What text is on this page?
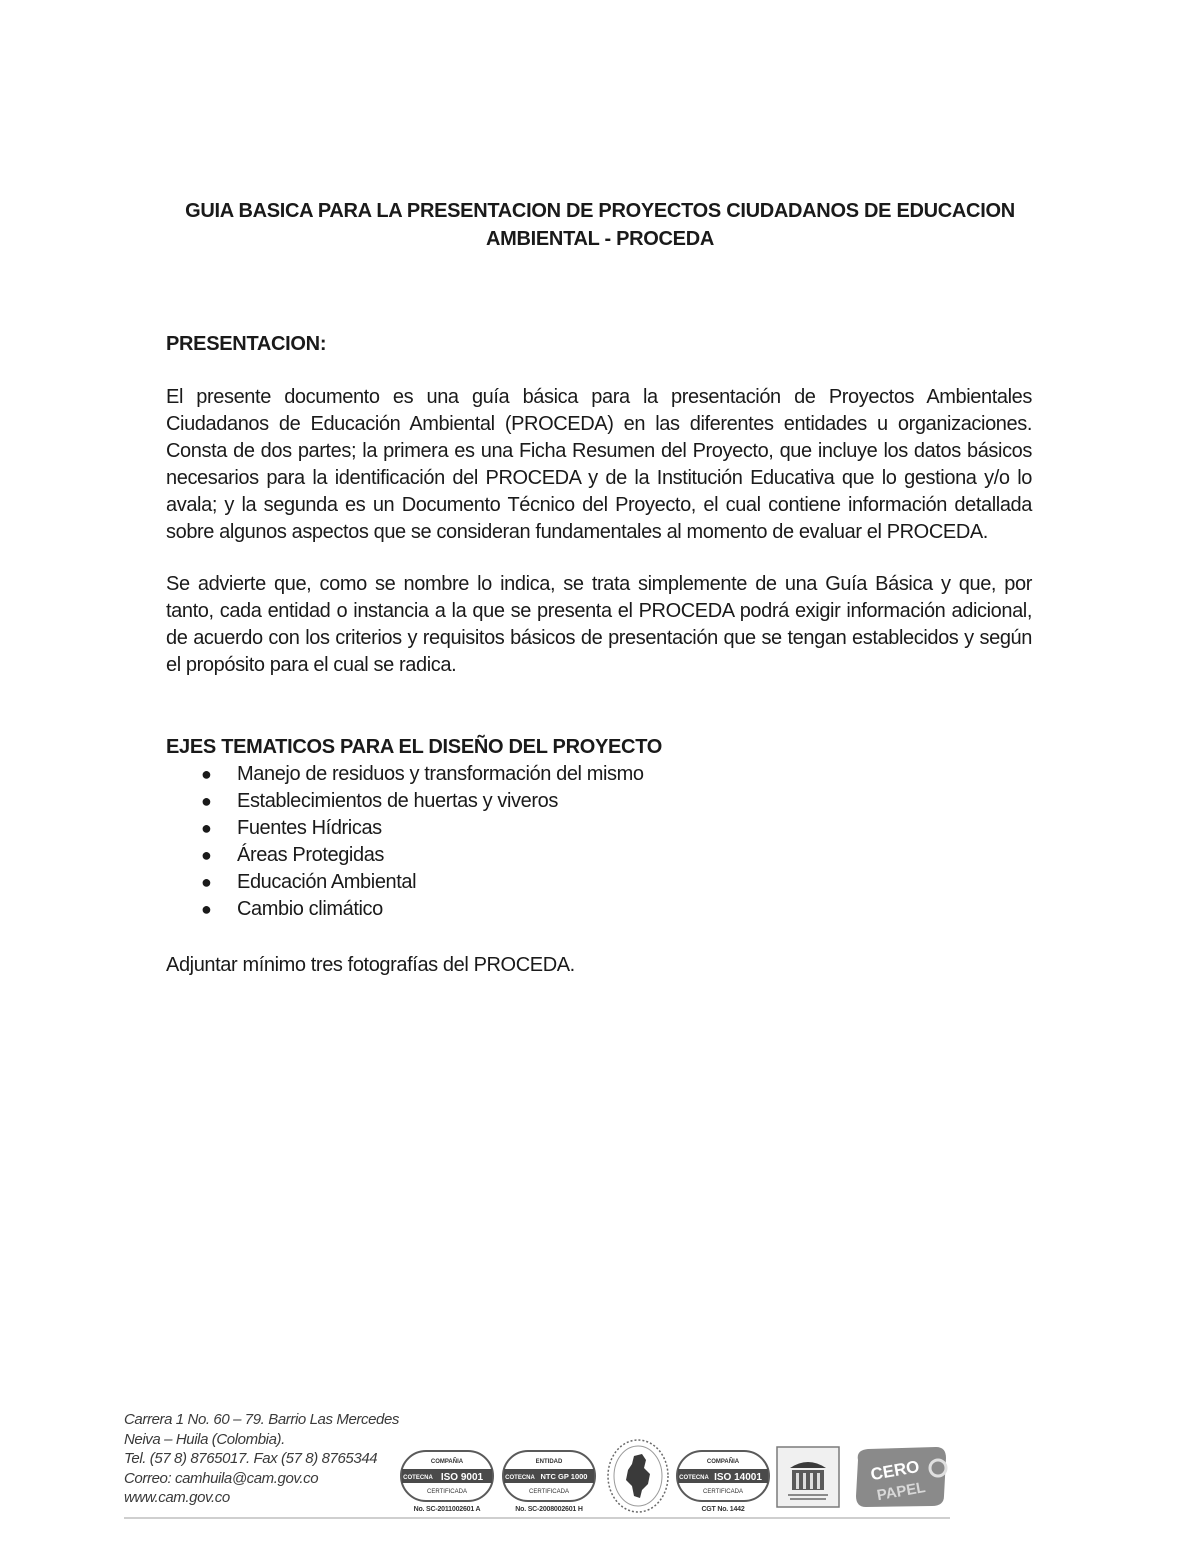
GUIA BASICA PARA LA PRESENTACION DE PROYECTOS CIUDADANOS DE EDUCACION AMBIENTAL - PROCEDA
PRESENTACION:
El presente documento es una guía básica para la presentación de Proyectos Ambientales Ciudadanos de Educación Ambiental (PROCEDA) en las diferentes entidades u organizaciones. Consta de dos partes; la primera es una Ficha Resumen del Proyecto, que incluye los datos básicos necesarios para la identificación del PROCEDA y de la Institución Educativa que lo gestiona y/o lo avala; y la segunda es un Documento Técnico del Proyecto, el cual contiene información detallada sobre algunos aspectos que se consideran fundamentales al momento de evaluar el PROCEDA.
Se advierte que, como se nombre lo indica, se trata simplemente de una Guía Básica y que, por tanto, cada entidad o instancia a la que se presenta el PROCEDA podrá exigir información adicional, de acuerdo con los criterios y requisitos básicos de presentación que se tengan establecidos y según el propósito para el cual se radica.
EJES TEMATICOS PARA EL DISEÑO DEL PROYECTO
● Manejo de residuos y transformación del mismo
● Establecimientos de huertas y viveros
● Fuentes Hídricas
● Áreas Protegidas
● Educación Ambiental
● Cambio climático
Adjuntar mínimo tres fotografías del PROCEDA.
Carrera 1 No. 60 – 79. Barrio Las Mercedes
Neiva – Huila (Colombia).
Tel. (57 8) 8765017. Fax (57 8) 8765344
Correo: camhuila@cam.gov.co
www.cam.gov.co
COMPAÑIA
COTECNA ISO 9001
CERTIFICADA
No. SC-2011002601 A
ENTIDAD
COTECNA NTC GP 1000
CERTIFICADA
No. SC-2008002601 H
COMPAÑIA
COTECNA ISO 14001
CERTIFICADA
CGT No. 1442
CERO
PAPEL
